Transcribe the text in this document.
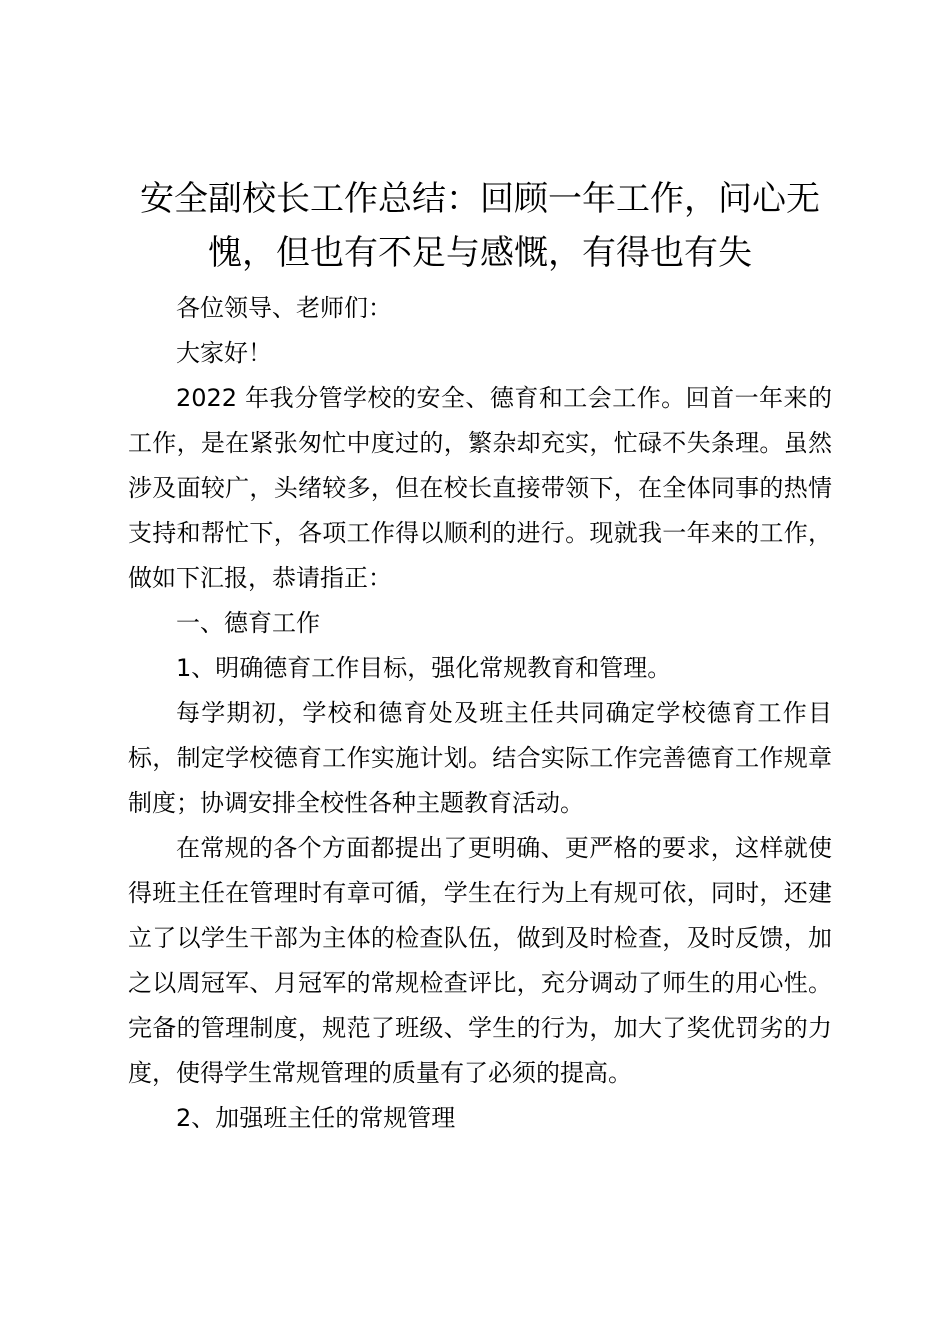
安全副校长工作总结：回顾一年工作，问心无愧，但也有不足与感慨，有得也有失

各位领导、老师们：

大家好！

2022 年我分管学校的安全、德育和工会工作。回首一年来的工作，是在紧张匆忙中度过的，繁杂却充实，忙碌不失条理。虽然涉及面较广，头绪较多，但在校长直接带领下，在全体同事的热情支持和帮忙下，各项工作得以顺利的进行。现就我一年来的工作，做如下汇报，恭请指正：

一、德育工作

1、明确德育工作目标，强化常规教育和管理。

每学期初，学校和德育处及班主任共同确定学校德育工作目标，制定学校德育工作实施计划。结合实际工作完善德育工作规章制度；协调安排全校性各种主题教育活动。

在常规的各个方面都提出了更明确、更严格的要求，这样就使得班主任在管理时有章可循，学生在行为上有规可依，同时，还建立了以学生干部为主体的检查队伍，做到及时检查，及时反馈，加之以周冠军、月冠军的常规检查评比，充分调动了师生的用心性。完备的管理制度，规范了班级、学生的行为，加大了奖优罚劣的力度，使得学生常规管理的质量有了必须的提高。

2、加强班主任的常规管理
